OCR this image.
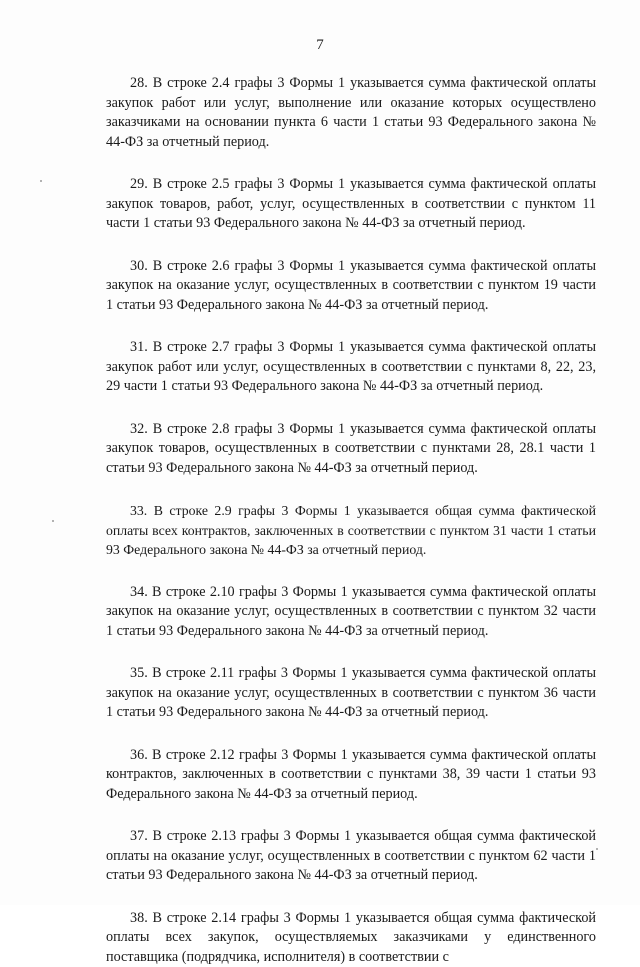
7

28. В строке 2.4 графы 3 Формы 1 указывается сумма фактической оплаты закупок работ или услуг, выполнение или оказание которых осуществлено заказчиками на основании пункта 6 части 1 статьи 93 Федерального закона № 44-ФЗ за отчетный период.

29. В строке 2.5 графы 3 Формы 1 указывается сумма фактической оплаты закупок товаров, работ, услуг, осуществленных в соответствии с пунктом 11 части 1 статьи 93 Федерального закона № 44-ФЗ за отчетный период.

30. В строке 2.6 графы 3 Формы 1 указывается сумма фактической оплаты закупок на оказание услуг, осуществленных в соответствии с пунктом 19 части 1 статьи 93 Федерального закона № 44-ФЗ за отчетный период.

31. В строке 2.7 графы 3 Формы 1 указывается сумма фактической оплаты закупок работ или услуг, осуществленных в соответствии с пунктами 8, 22, 23, 29 части 1 статьи 93 Федерального закона № 44-ФЗ за отчетный период.

32. В строке 2.8 графы 3 Формы 1 указывается сумма фактической оплаты закупок товаров, осуществленных в соответствии с пунктами 28, 28.1 части 1 статьи 93 Федерального закона № 44-ФЗ за отчетный период.

33. В строке 2.9 графы 3 Формы 1 указывается общая сумма фактической оплаты всех контрактов, заключенных в соответствии с пунктом 31 части 1 статьи 93 Федерального закона № 44-ФЗ за отчетный период.

34. В строке 2.10 графы 3 Формы 1 указывается сумма фактической оплаты закупок на оказание услуг, осуществленных в соответствии с пунктом 32 части 1 статьи 93 Федерального закона № 44-ФЗ за отчетный период.

35. В строке 2.11 графы 3 Формы 1 указывается сумма фактической оплаты закупок на оказание услуг, осуществленных в соответствии с пунктом 36 части 1 статьи 93 Федерального закона № 44-ФЗ за отчетный период.

36. В строке 2.12 графы 3 Формы 1 указывается сумма фактической оплаты контрактов, заключенных в соответствии с пунктами 38, 39 части 1 статьи 93 Федерального закона № 44-ФЗ за отчетный период.

37. В строке 2.13 графы 3 Формы 1 указывается общая сумма фактической оплаты на оказание услуг, осуществленных в соответствии с пунктом 62 части 1 статьи 93 Федерального закона № 44-ФЗ за отчетный период.

38. В строке 2.14 графы 3 Формы 1 указывается общая сумма фактической оплаты всех закупок, осуществляемых заказчиками у единственного поставщика (подрядчика, исполнителя) в соответствии с
